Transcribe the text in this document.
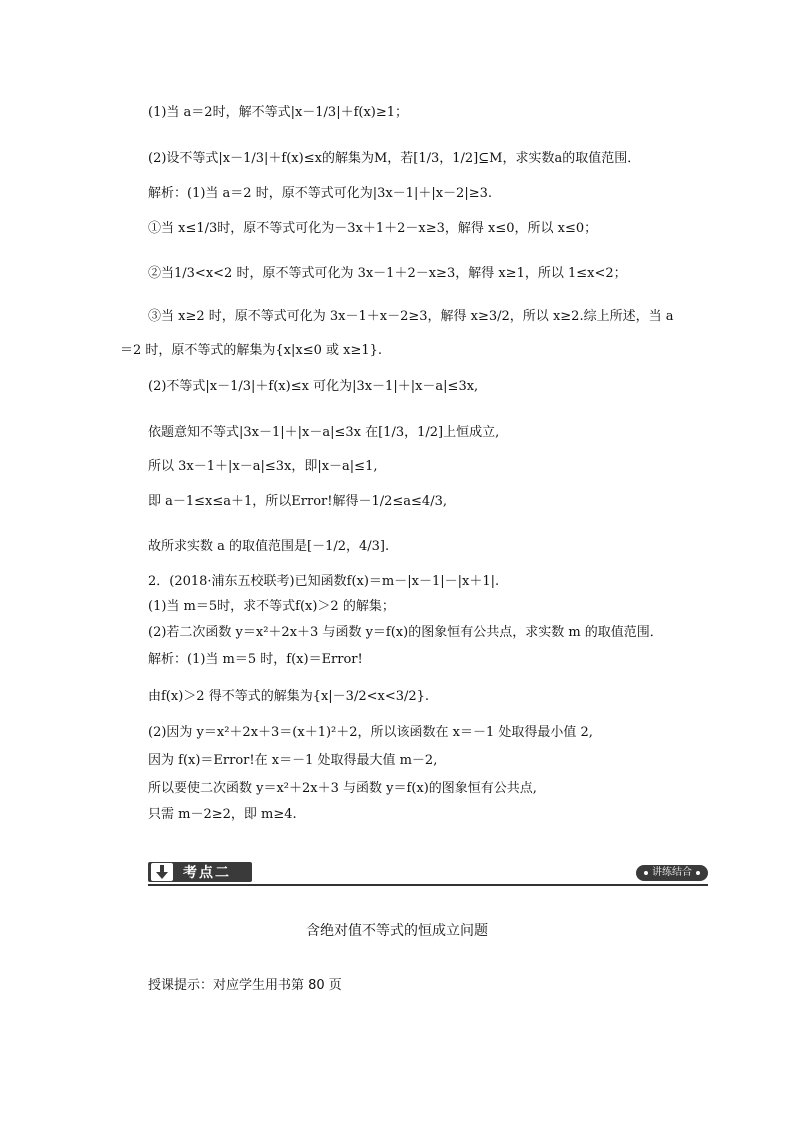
(1)当 a＝2时，解不等式|x－1/3|＋f(x)≥1；
(2)设不等式|x－1/3|＋f(x)≤x的解集为M，若[1/3，1/2]⊆M，求实数a的取值范围．
解析：(1)当 a＝2 时，原不等式可化为|3x－1|＋|x－2|≥3.
①当 x≤1/3时，原不等式可化为－3x＋1＋2－x≥3，解得 x≤0，所以 x≤0；
②当1/3<x<2 时，原不等式可化为 3x－1＋2－x≥3，解得 x≥1，所以 1≤x<2；
③当 x≥2 时，原不等式可化为 3x－1＋x－2≥3，解得 x≥3/2，所以 x≥2.综上所述，当 a
＝2 时，原不等式的解集为{x|x≤0 或 x≥1}.
(2)不等式|x－1/3|＋f(x)≤x 可化为|3x－1|＋|x－a|≤3x,
依题意知不等式|3x－1|＋|x－a|≤3x 在[1/3，1/2]上恒成立,
所以 3x－1＋|x－a|≤3x，即|x－a|≤1,
即 a－1≤x≤a＋1，所以Error!解得－1/2≤a≤4/3,
故所求实数 a 的取值范围是[－1/2，4/3].
2．(2018·浦东五校联考)已知函数f(x)＝m－|x－1|－|x＋1|.
(1)当 m＝5时，求不等式f(x)＞2 的解集；
(2)若二次函数 y＝x²＋2x＋3 与函数 y＝f(x)的图象恒有公共点，求实数 m 的取值范围．
解析：(1)当 m＝5 时，f(x)＝Error!
由f(x)＞2 得不等式的解集为{x|－3/2<x<3/2}.
(2)因为 y＝x²＋2x＋3＝(x＋1)²＋2，所以该函数在 x＝－1 处取得最小值 2,
因为 f(x)＝Error!在 x＝－1 处取得最大值 m－2,
所以要使二次函数 y＝x²＋2x＋3 与函数 y＝f(x)的图象恒有公共点,
只需 m－2≥2，即 m≥4.
考点二	讲练结合
含绝对值不等式的恒成立问题
授课提示：对应学生用书第 80 页
